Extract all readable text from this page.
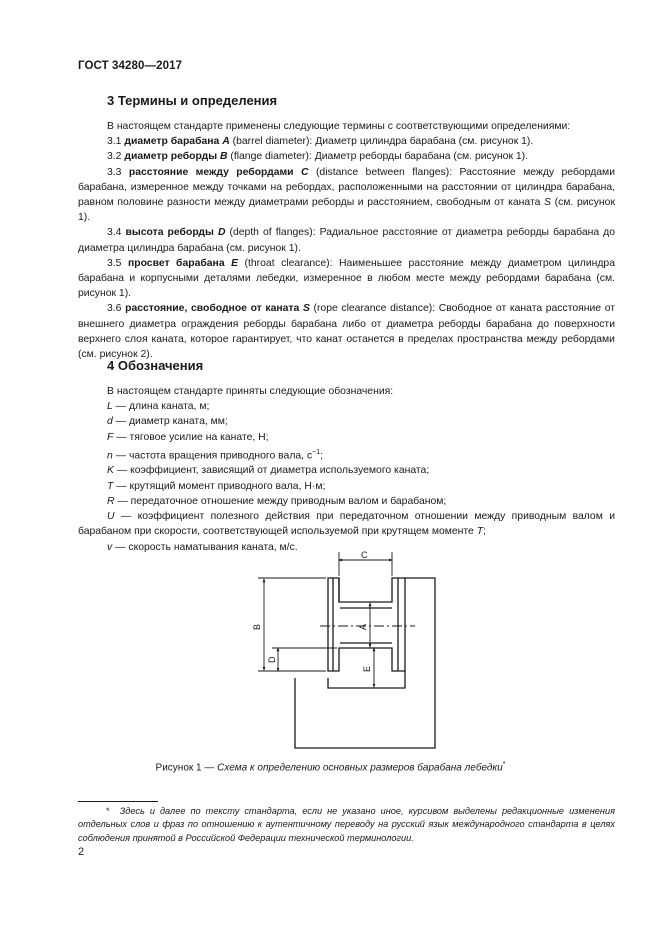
ГОСТ 34280—2017
3 Термины и определения

В настоящем стандарте применены следующие термины с соответствующими определениями:

3.1 диаметр барабана A (barrel diameter): Диаметр цилиндра барабана (см. рисунок 1).

3.2 диаметр реборды B (flange diameter): Диаметр реборды барабана (см. рисунок 1).

3.3 расстояние между ребордами C (distance between flanges): Расстояние между ребордами барабана, измеренное между точками на ребордах, расположенными на расстоянии от цилиндра барабана, равном половине разности между диаметрами реборды и расстоянием, свободным от каната S (см. рисунок 1).

3.4 высота реборды D (depth of flanges): Радиальное расстояние от диаметра реборды барабана до диаметра цилиндра барабана (см. рисунок 1).

3.5 просвет барабана E (throat clearance): Наименьшее расстояние между диаметром цилиндра барабана и корпусными деталями лебедки, измеренное в любом месте между ребордами барабана (см. рисунок 1).

3.6 расстояние, свободное от каната S (rope clearance distance): Свободное от каната расстояние от внешнего диаметра ограждения реборды барабана либо от диаметра реборды барабана до поверхности верхнего слоя каната, которое гарантирует, что канат останется в пределах пространства между ребордами (см. рисунок 2).

4 Обозначения

В настоящем стандарте приняты следующие обозначения:

L — длина каната, м;

d — диаметр каната, мм;

F — тяговое усилие на канате, Н;

n — частота вращения приводного вала, $с^{-1}$;

K — коэффициент, зависящий от диаметра используемого каната;

T — крутящий момент приводного вала, Н·м;

R — передаточное отношение между приводным валом и барабаном;

U — коэффициент полезного действия при передаточном отношении между приводным валом и барабаном при скорости, соответствующей используемой при крутящем моменте T;

v — скорость наматывания каната, м/с.

C
B
D
A
E
Рисунок 1 — Схема к определению основных размеров барабана лебедки*
* Здесь и далее по тексту стандарта, если не указано иное, курсивом выделены редакционные изменения отдельных слов и фраз по отношению к аутентичному переводу на русский язык международного стандарта в целях соблюдения принятой в Российской Федерации технической терминологии.
2
